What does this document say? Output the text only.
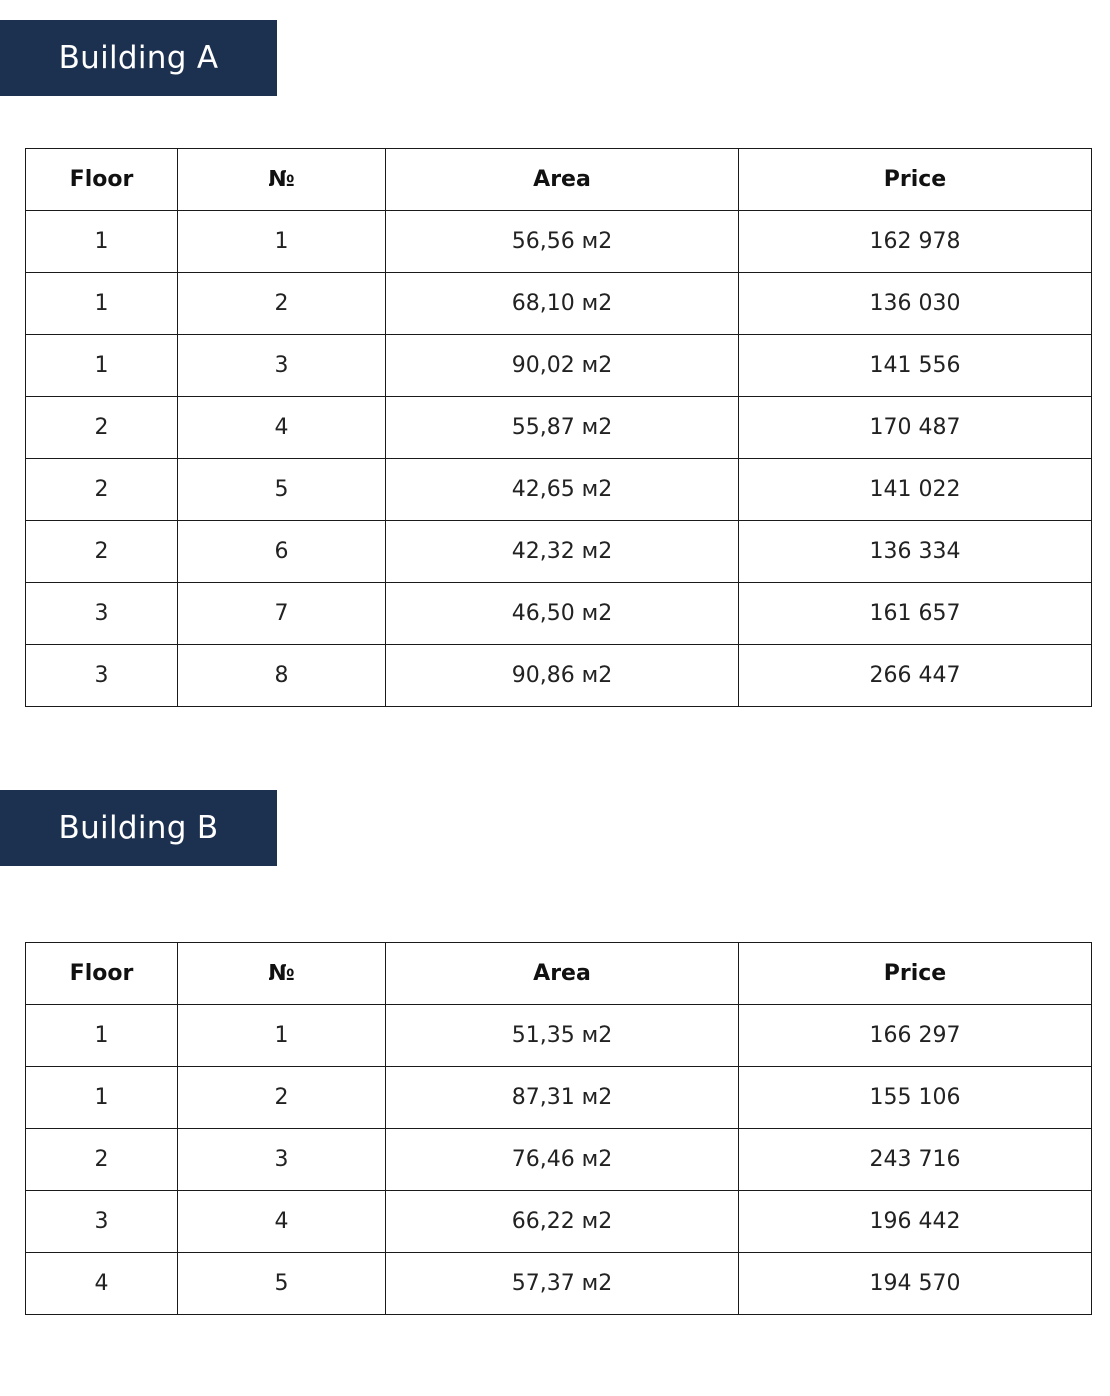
Building A
Floor	№	Area	Price
1	1	56,56 м2	162 978
1	2	68,10 м2	136 030
1	3	90,02 м2	141 556
2	4	55,87 м2	170 487
2	5	42,65 м2	141 022
2	6	42,32 м2	136 334
3	7	46,50 м2	161 657
3	8	90,86 м2	266 447
Building B
Floor	№	Area	Price
1	1	51,35 м2	166 297
1	2	87,31 м2	155 106
2	3	76,46 м2	243 716
3	4	66,22 м2	196 442
4	5	57,37 м2	194 570
